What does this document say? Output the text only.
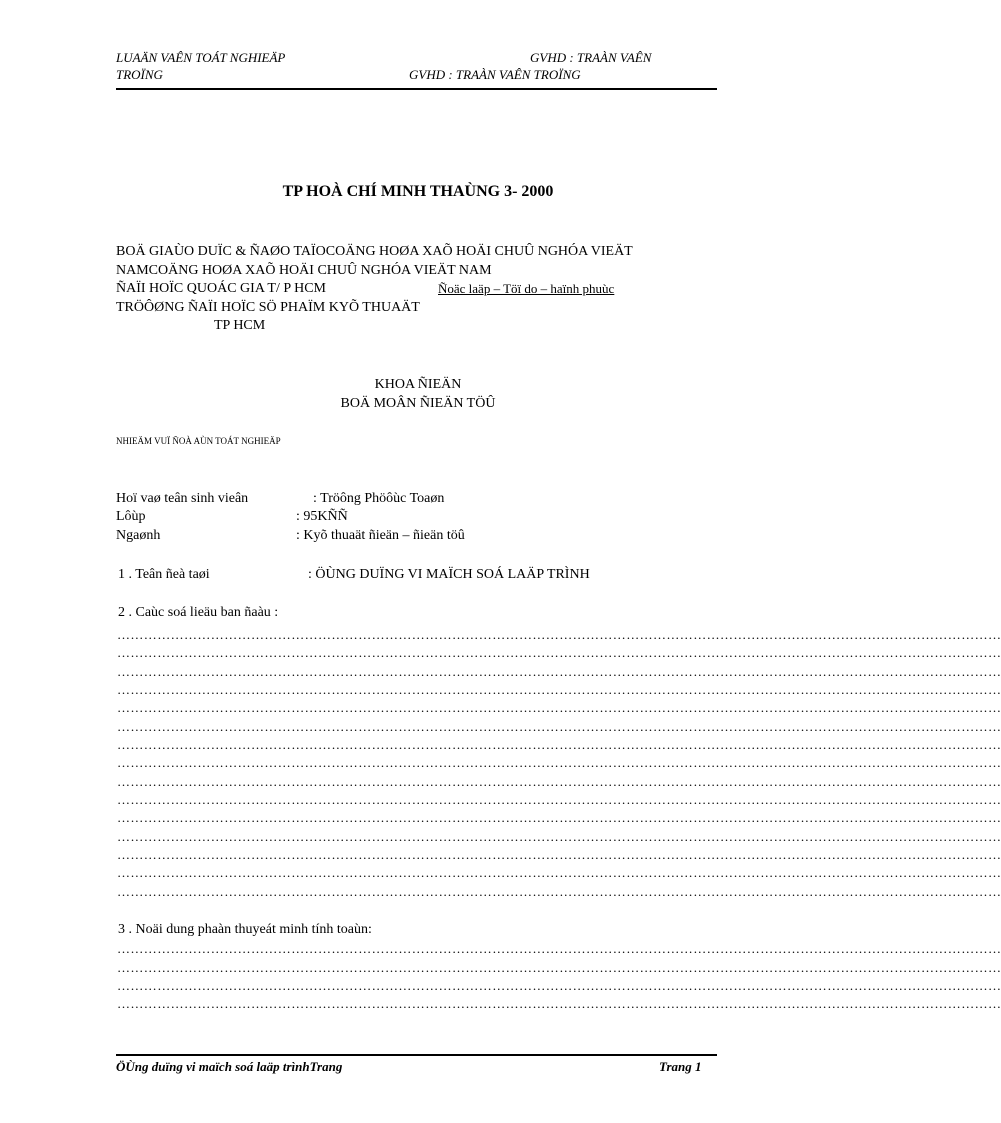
LUAÄN VAÊN TOÁT NGHIEÄP	GVHD : TRAÀN VAÊN
TROÏNG	GVHD : TRAÀN VAÊN TROÏNG
TP HOÀ CHÍ MINH THAÙNG 3- 2000
BOÄ GIAÙO DUÏC & ÑAØO TAÏOCOÄNG HOØA XAÕ HOÄI CHUÛ NGHÓA VIEÄT
NAMCOÄNG HOØA XAÕ HOÄI CHUÛ NGHÓA VIEÄT NAM
ÑAÏI HOÏC QUOÁC GIA T/ P HCM	Ñoäc laäp – Töï do – haïnh phuùc
TRÖÔØNG ÑAÏI HOÏC SÖ PHAÏM KYÕ THUAÄT
TP HCM
KHOA ÑIEÄN
BOÄ MOÂN ÑIEÄN TÖÛ
NHIEÄM VUÏ ÑOÀ AÙN TOÁT NGHIEÄP
Hoï vaø teân sinh vieân	: Tröông Phöôùc Toaøn
Lôùp	: 95KÑÑ
Ngaønh	: Kyõ thuaät ñieän – ñieän töû
1 . Teân ñeà taøi	: ÖÙNG DUÏNG VI MAÏCH SOÁ LAÄP TRÌNH
2 . Caùc soá lieäu ban ñaàu :
………………………………………………………………………………………………………………………………………………………………………………
………………………………………………………………………………………………………………………………………………………………………………
………………………………………………………………………………………………………………………………………………………………………………
………………………………………………………………………………………………………………………………………………………………………………
………………………………………………………………………………………………………………………………………………………………………………
………………………………………………………………………………………………………………………………………………………………………………
………………………………………………………………………………………………………………………………………………………………………………
………………………………………………………………………………………………………………………………………………………………………………
………………………………………………………………………………………………………………………………………………………………………………
………………………………………………………………………………………………………………………………………………………………………………
………………………………………………………………………………………………………………………………………………………………………………
………………………………………………………………………………………………………………………………………………………………………………
………………………………………………………………………………………………………………………………………………………………………………
………………………………………………………………………………………………………………………………………………………………………………
………………………………………………………………………………………………………………………………………………………………………………
3 . Noäi dung phaàn thuyeát minh tính toaùn:
………………………………………………………………………………………………………………………………………………………………………………
………………………………………………………………………………………………………………………………………………………………………………
………………………………………………………………………………………………………………………………………………………………………………
………………………………………………………………………………………………………………………………………………………………………………
ÖÙng duïng vi maïch soá laäp trìnhTrang	Trang 1
